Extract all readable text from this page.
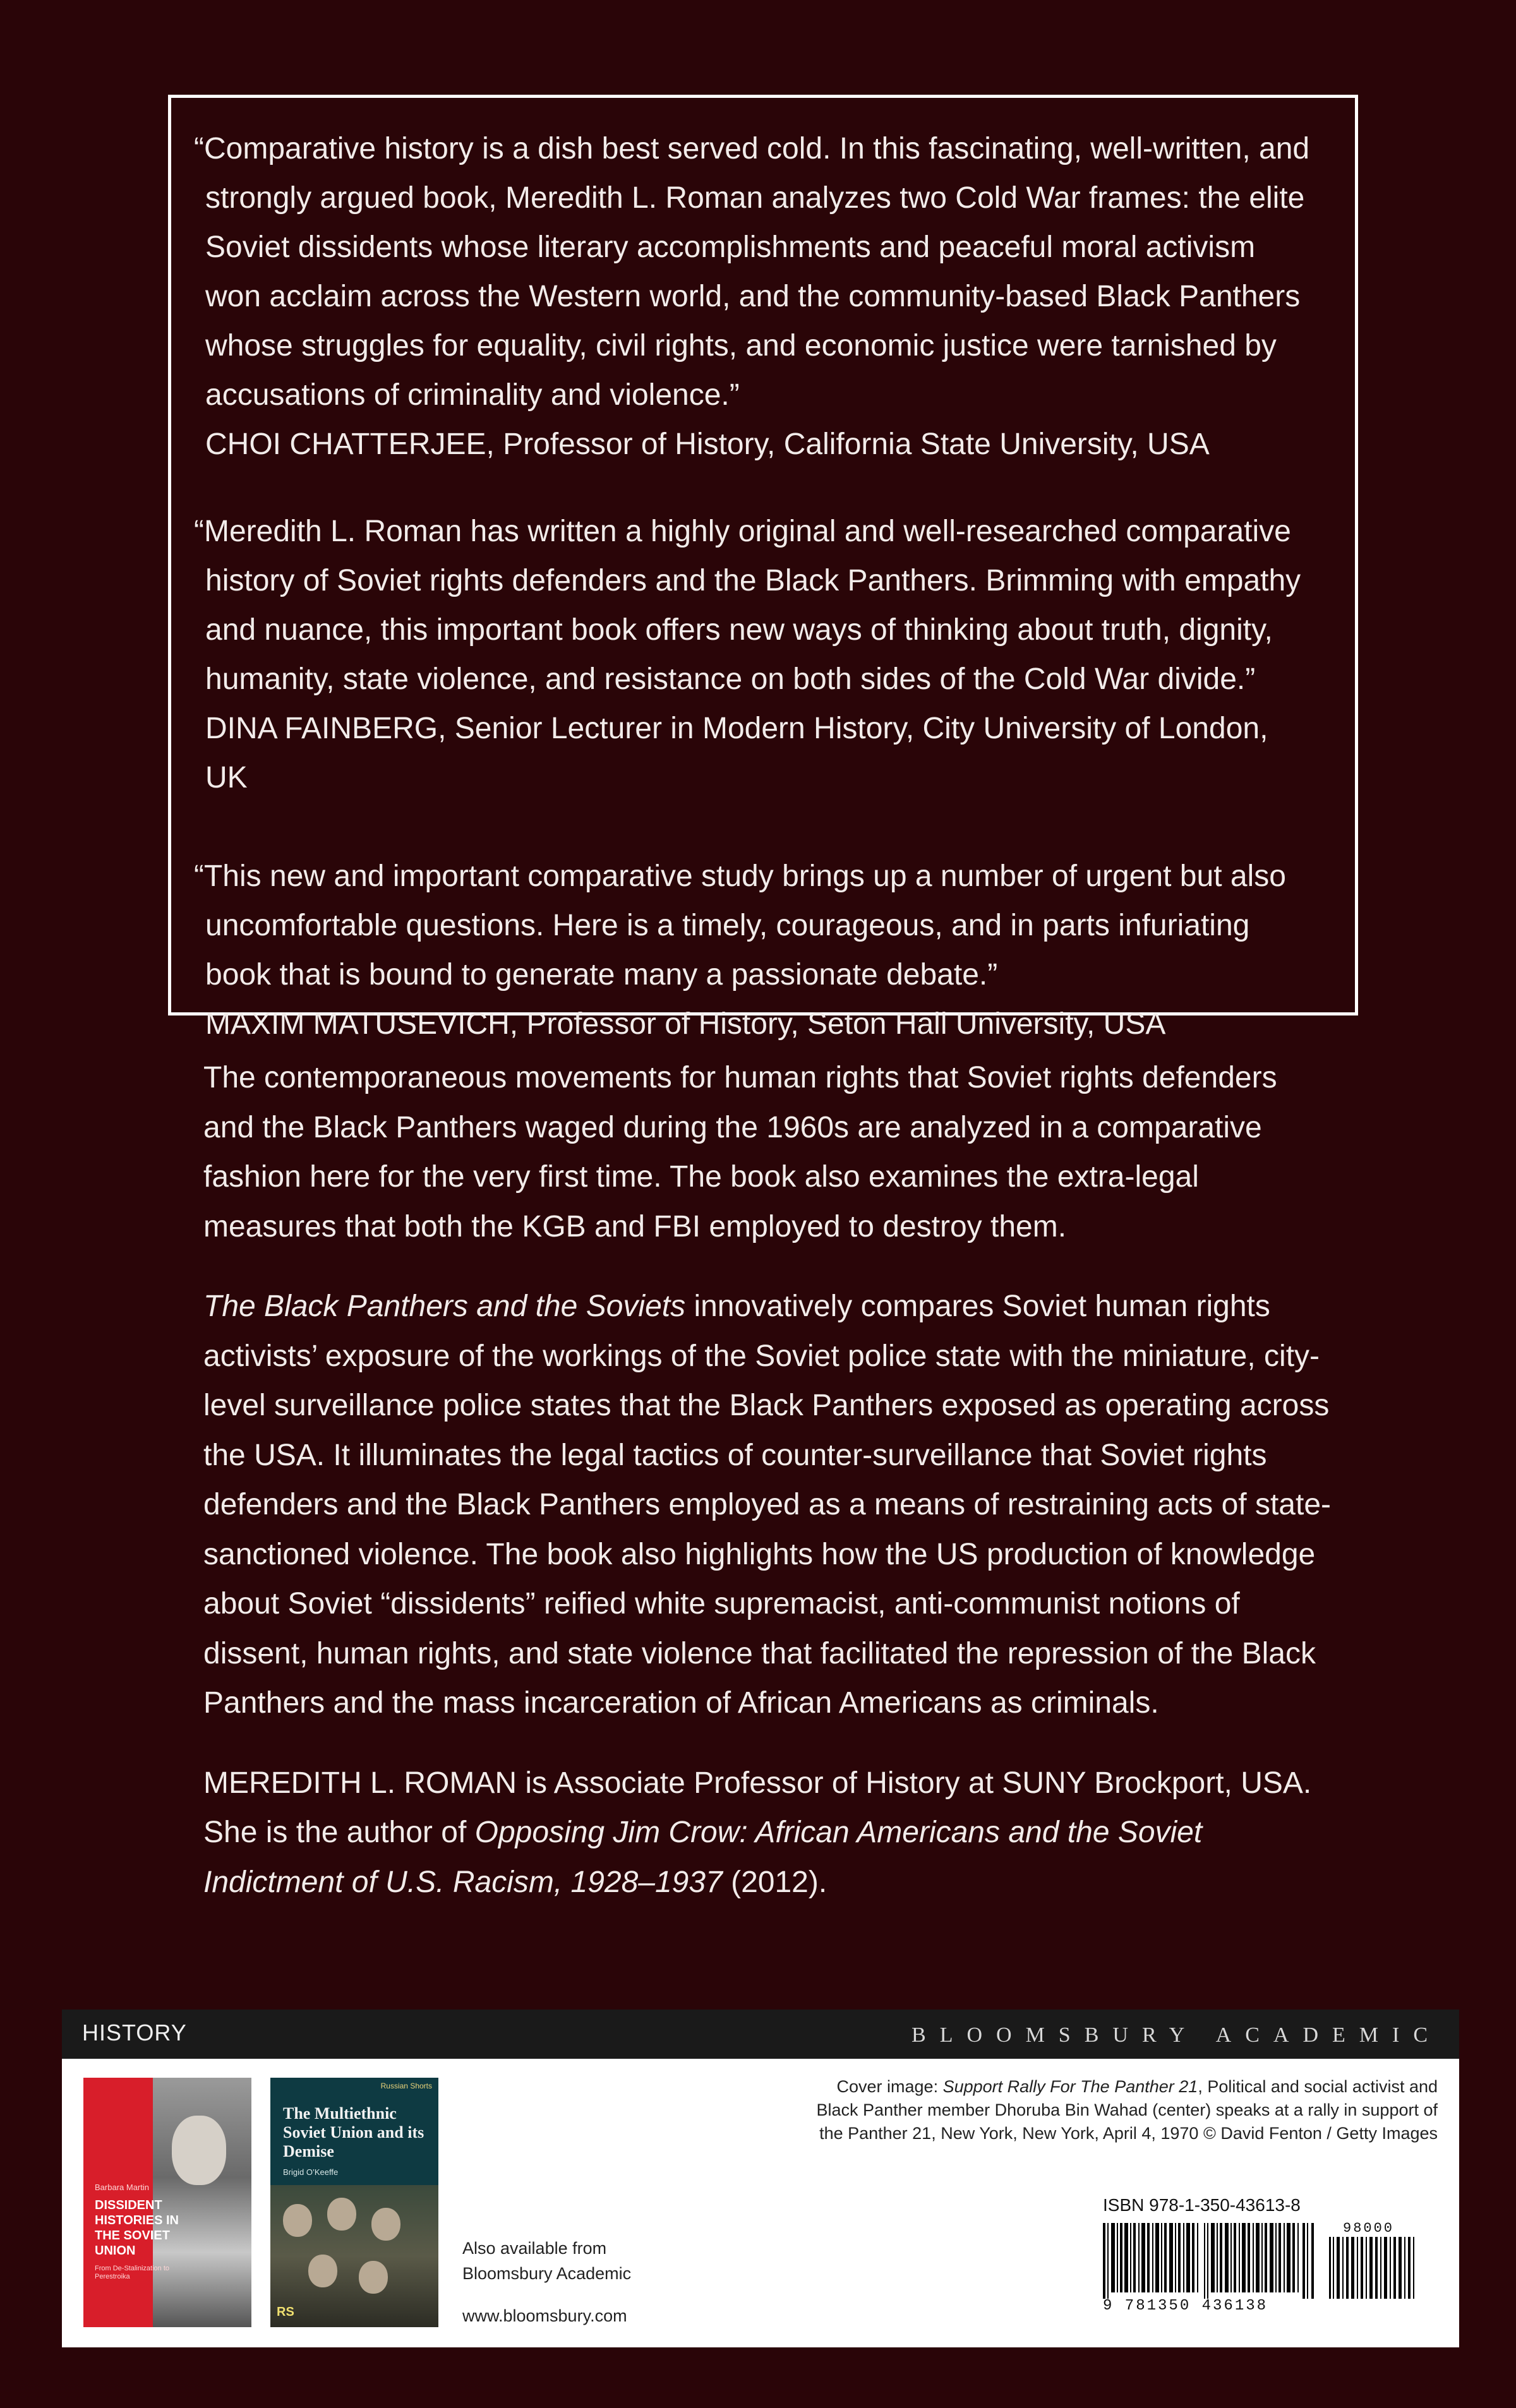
“Comparative history is a dish best served cold. In this fascinating, well-written, and strongly argued book, Meredith L. Roman analyzes two Cold War frames: the elite Soviet dissidents whose literary accomplishments and peaceful moral activism won acclaim across the Western world, and the community-based Black Panthers whose struggles for equality, civil rights, and economic justice were tarnished by accusations of criminality and violence.”
CHOI CHATTERJEE, Professor of History, California State University, USA

“Meredith L. Roman has written a highly original and well-researched comparative history of Soviet rights defenders and the Black Panthers. Brimming with empathy and nuance, this important book offers new ways of thinking about truth, dignity, humanity, state violence, and resistance on both sides of the Cold War divide.”
DINA FAINBERG, Senior Lecturer in Modern History, City University of London, UK

“This new and important comparative study brings up a number of urgent but also uncomfortable questions. Here is a timely, courageous, and in parts infuriating book that is bound to generate many a passionate debate.”
MAXIM MATUSEVICH, Professor of History, Seton Hall University, USA

The contemporaneous movements for human rights that Soviet rights defenders and the Black Panthers waged during the 1960s are analyzed in a comparative fashion here for the very first time. The book also examines the extra-legal measures that both the KGB and FBI employed to destroy them.

The Black Panthers and the Soviets innovatively compares Soviet human rights activists’ exposure of the workings of the Soviet police state with the miniature, city-level surveillance police states that the Black Panthers exposed as operating across the USA. It illuminates the legal tactics of counter-surveillance that Soviet rights defenders and the Black Panthers employed as a means of restraining acts of state-sanctioned violence. The book also highlights how the US production of knowledge about Soviet “dissidents” reified white supremacist, anti-communist notions of dissent, human rights, and state violence that facilitated the repression of the Black Panthers and the mass incarceration of African Americans as criminals.

MEREDITH L. ROMAN is Associate Professor of History at SUNY Brockport, USA. She is the author of Opposing Jim Crow: African Americans and the Soviet Indictment of U.S. Racism, 1928–1937 (2012).

HISTORY	BLOOMSBURY ACADEMIC
Barbara Martin
DISSIDENT HISTORIES IN THE SOVIET UNION
From De-Stalinization to Perestroika
Russian Shorts
The Multiethnic Soviet Union and its Demise
Brigid O’Keeffe
RS
Also available from
Bloomsbury Academic
www.bloomsbury.com
Cover image: Support Rally For The Panther 21, Political and social activist and Black Panther member Dhoruba Bin Wahad (center) speaks at a rally in support of the Panther 21, New York, New York, April 4, 1970 © David Fenton / Getty Images
ISBN 978-1-350-43613-8
98000
9 781350 436138
